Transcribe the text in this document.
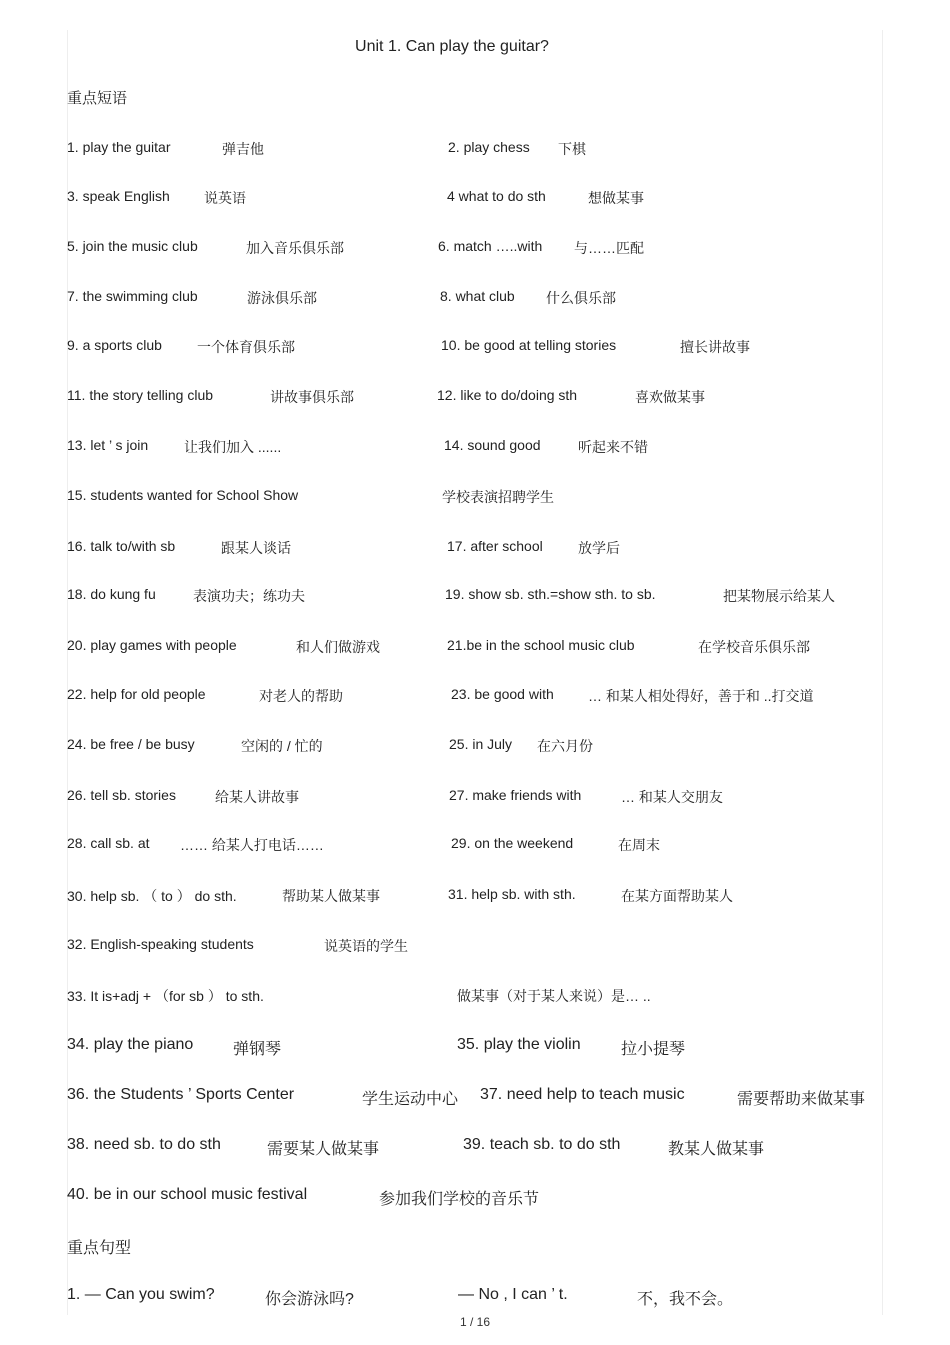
Unit 1. Can play the guitar?
重点短语
1. play the guitar	弹吉他	2. play chess 下棋
3. speak English 说英语	4 what to do sth	想做某事
5. join the music club	加入音乐俱乐部	6. match …..with 与……匹配
7. the swimming club	游泳俱乐部	8. what club 什么俱乐部
9. a sports club	一个体育俱乐部	10. be good at telling stories	擅长讲故事
11. the story telling club	讲故事俱乐部	12. like to do/doing sth	喜欢做某事
13. let ’ s join	让我们加入 ......	14. sound good	听起来不错
15. students wanted for School Show	学校表演招聘学生
16. talk to/with sb	跟某人谈话	17. after school	放学后
18. do kung fu	表演功夫；练功夫	19. show sb. sth.=show sth. to sb.	把某物展示给某人
20. play games with people	和人们做游戏	21.be in the school music club	在学校音乐俱乐部
22. help for old people	对老人的帮助	23. be good with … 和某人相处得好，善于和 ..打交道
24. be free / be busy	空闲的 / 忙的	25. in July 在六月份
26. tell sb. stories	给某人讲故事	27. make friends with	… 和某人交朋友
28. call sb. at …… 给某人打电话……	29. on the weekend	在周末
30. help sb. （ to ） do sth.	帮助某人做某事	31. help sb. with sth.	在某方面帮助某人
32. English-speaking students	说英语的学生
33. It is+adj + （for sb ） to sth.	做某事（对于某人来说）是… ..
34. play the piano 弹钢琴	35. play the violin	拉小提琴
36. the Students ’ Sports Center	学生运动中心 37. need help to teach music	需要帮助来做某事
38. need sb. to do sth	需要某人做某事	39. teach sb. to do sth	教某人做某事
40. be in our school music festival	参加我们学校的音乐节
重点句型
1. — Can you swim?	你会游泳吗?	— No , I can ’ t.	不，我不会。
1 / 16
